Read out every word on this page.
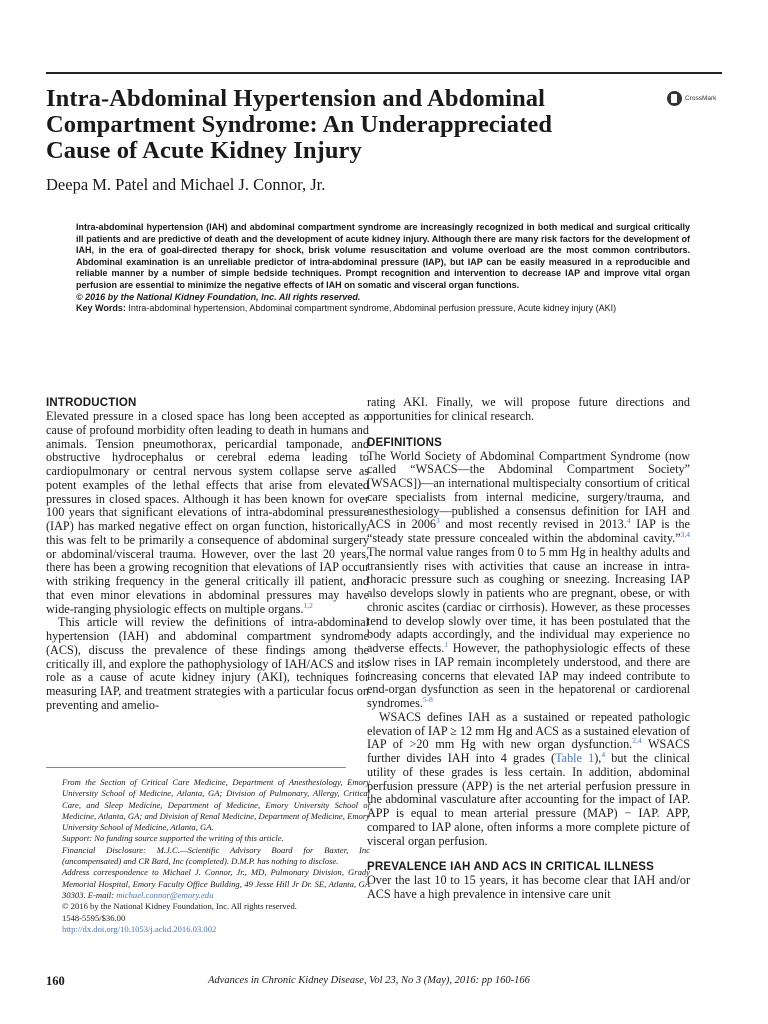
Intra-Abdominal Hypertension and Abdominal
Compartment Syndrome: An Underappreciated
Cause of Acute Kidney Injury
CrossMark

Deepa M. Patel and Michael J. Connor, Jr.

Intra-abdominal hypertension (IAH) and abdominal compartment syndrome are increasingly recognized in both medical and surgical critically ill patients and are predictive of death and the development of acute kidney injury. Although there are many risk factors for the development of IAH, in the era of goal-directed therapy for shock, brisk volume resuscitation and volume overload are the most common contributors. Abdominal examination is an unreliable predictor of intra-abdominal pressure (IAP), but IAP can be easily measured in a reproducible and reliable manner by a number of simple bedside techniques. Prompt recognition and intervention to decrease IAP and improve vital organ perfusion are essential to minimize the negative effects of IAH on somatic and visceral organ functions.

© 2016 by the National Kidney Foundation, Inc. All rights reserved.

Key Words: Intra-abdominal hypertension, Abdominal compartment syndrome, Abdominal perfusion pressure, Acute kidney injury (AKI)

INTRODUCTION

Elevated pressure in a closed space has long been accepted as a cause of profound morbidity often leading to death in humans and animals. Tension pneumothorax, pericardial tamponade, and obstructive hydrocephalus or cerebral edema leading to cardiopulmonary or central nervous system collapse serve as potent examples of the lethal effects that arise from elevated pressures in closed spaces. Although it has been known for over 100 years that significant elevations of intra-abdominal pressure (IAP) has marked negative effect on organ function, historically, this was felt to be primarily a consequence of abdominal surgery or abdominal/visceral trauma. However, over the last 20 years, there has been a growing recognition that elevations of IAP occur with striking frequency in the general critically ill patient, and that even minor elevations in abdominal pressures may have wide-ranging physiologic effects on multiple organs.$^{1,2}$

This article will review the definitions of intra-abdominal hypertension (IAH) and abdominal compartment syndrome (ACS), discuss the prevalence of these findings among the critically ill, and explore the pathophysiology of IAH/ACS and its role as a cause of acute kidney injury (AKI), techniques for measuring IAP, and treatment strategies with a particular focus on preventing and amelio-

From the Section of Critical Care Medicine, Department of Anesthesiology, Emory University School of Medicine, Atlanta, GA; Division of Pulmonary, Allergy, Critical Care, and Sleep Medicine, Department of Medicine, Emory University School of Medicine, Atlanta, GA; and Division of Renal Medicine, Department of Medicine, Emory University School of Medicine, Atlanta, GA.

Support: No funding source supported the writing of this article.

Financial Disclosure: M.J.C.—Scientific Advisory Board for Baxter, Inc (uncompensated) and CR Bard, Inc (completed). D.M.P. has nothing to disclose.

Address correspondence to Michael J. Connor, Jr., MD, Pulmonary Division, Grady Memorial Hospital, Emory Faculty Office Building, 49 Jesse Hill Jr Dr. SE, Atlanta, GA 30303. E-mail: michael.connor@emory.edu

© 2016 by the National Kidney Foundation, Inc. All rights reserved.

1548-5595/$36.00

http://dx.doi.org/10.1053/j.ackd.2016.03.002

rating AKI. Finally, we will propose future directions and opportunities for clinical research.

DEFINITIONS

The World Society of Abdominal Compartment Syndrome (now called “WSACS—the Abdominal Compartment Society” [WSACS])—an international multispecialty consortium of critical care specialists from internal medicine, surgery/trauma, and anesthesiology—published a consensus definition for IAH and ACS in 2006$^3$ and most recently revised in 2013.$^4$ IAP is the “steady state pressure concealed within the abdominal cavity.”$^{3,4}$ The normal value ranges from 0 to 5 mm Hg in healthy adults and transiently rises with activities that cause an increase in intra-thoracic pressure such as coughing or sneezing. Increasing IAP also develops slowly in patients who are pregnant, obese, or with chronic ascites (cardiac or cirrhosis). However, as these processes tend to develop slowly over time, it has been postulated that the body adapts accordingly, and the individual may experience no adverse effects.$^1$ However, the pathophysiologic effects of these slow rises in IAP remain incompletely understood, and there are increasing concerns that elevated IAP may indeed contribute to end-organ dysfunction as seen in the hepatorenal or cardiorenal syndromes.$^{5-8}$

WSACS defines IAH as a sustained or repeated pathologic elevation of IAP ≥ 12 mm Hg and ACS as a sustained elevation of IAP of >20 mm Hg with new organ dysfunction.$^{2,4}$ WSACS further divides IAH into 4 grades (Table 1),$^4$ but the clinical utility of these grades is less certain. In addition, abdominal perfusion pressure (APP) is the net arterial perfusion pressure in the abdominal vasculature after accounting for the impact of IAP. APP is equal to mean arterial pressure (MAP) − IAP. APP, compared to IAP alone, often informs a more complete picture of visceral organ perfusion.

PREVALENCE IAH AND ACS IN CRITICAL ILLNESS

Over the last 10 to 15 years, it has become clear that IAH and/or ACS have a high prevalence in intensive care unit

160	Advances in Chronic Kidney Disease, Vol 23, No 3 (May), 2016: pp 160-166
